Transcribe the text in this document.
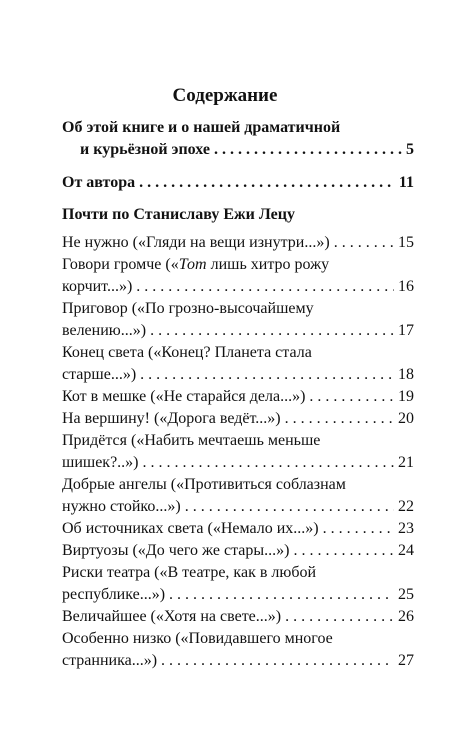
Содержание
Об этой книге и о нашей драматичной
и курьёзной эпохе . . .	5
От автора . . .	11
Почти по Станиславу Ежи Лецу
Не нужно («Гляди на вещи изнутри...») . . .	15
Говори громче («Тот лишь хитро рожу
корчит...») . . .	16
Приговор («По грозно-высочайшему
велению...») . . .	17
Конец света («Конец? Планета стала
старше...») . . .	18
Кот в мешке («Не старайся дела...») . . .	19
На вершину! («Дорога ведёт...») . . .	20
Придётся («Набить мечтаешь меньше
шишек?..») . . .	21
Добрые ангелы («Противиться соблазнам
нужно стойко...») . . .	22
Об источниках света («Немало их...») . . .	23
Виртуозы («До чего же стары...») . . .	24
Риски театра («В театре, как в любой
республике...») . . .	25
Величайшее («Хотя на свете...») . . .	26
Особенно низко («Повидавшего многое
странника...») . . .	27
